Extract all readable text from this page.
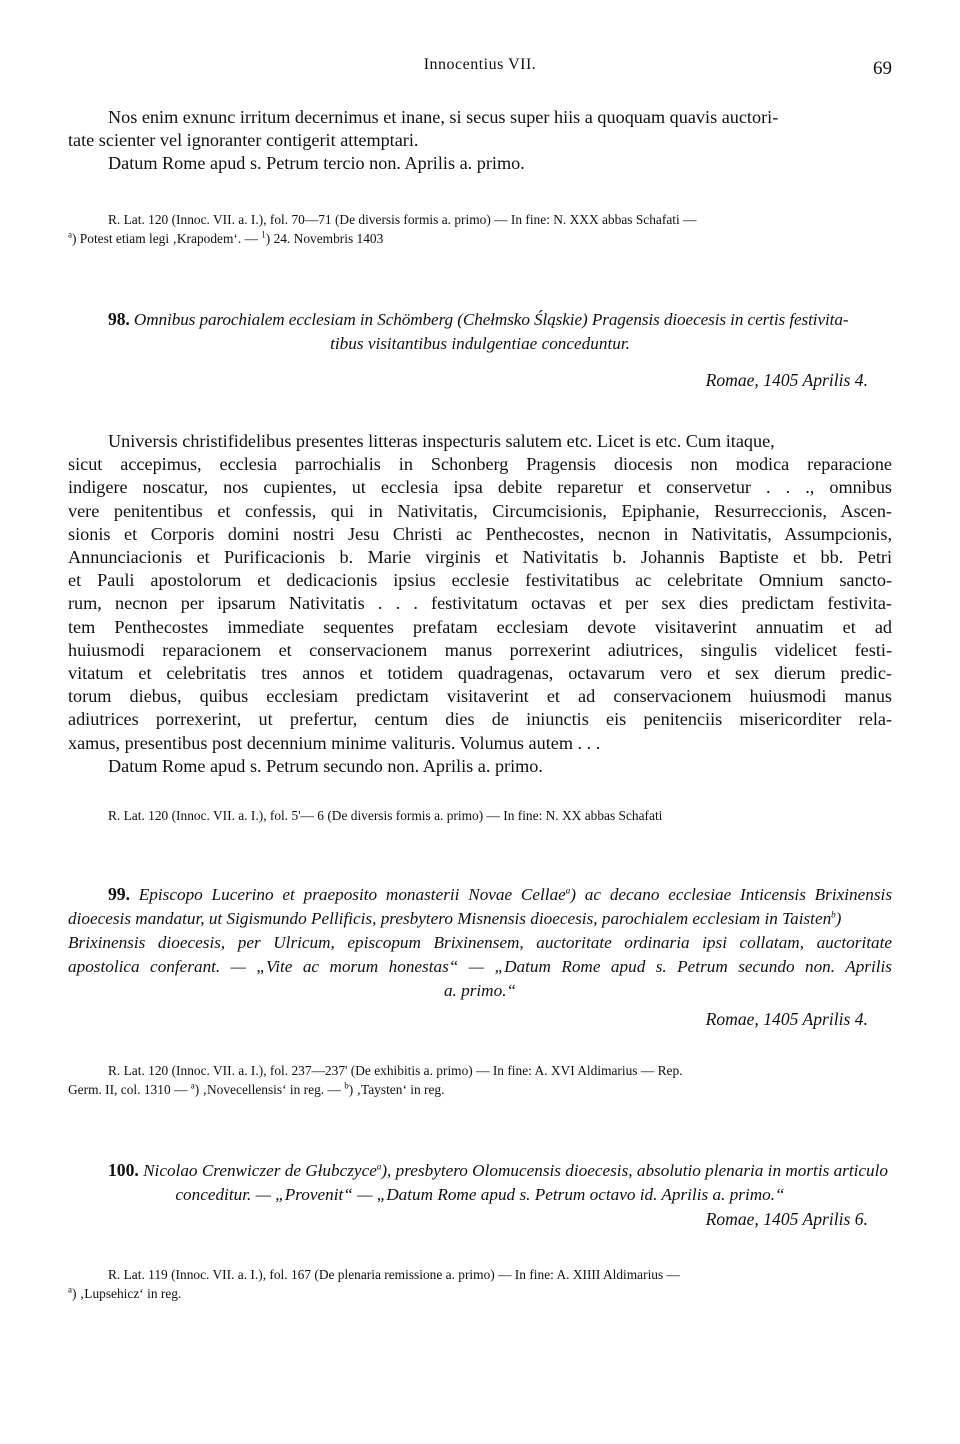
Innocentius VII.	69

Nos enim exnunc irritum decernimus et inane, si secus super hiis a quoquam quavis auctori-

tate scienter vel ignoranter contigerit attemptari.

Datum Rome apud s. Petrum tercio non. Aprilis a. primo.

R. Lat. 120 (Innoc. VII. a. I.), fol. 70—71 (De diversis formis a. primo) — In fine: N. XXX abbas Schafati —

$^a$) Potest etiam legi ‚Krapodem‘. — $^1$) 24. Novembris 1403

98. Omnibus parochialem ecclesiam in Schömberg (Chełmsko Śląskie) Pragensis dioecesis in certis festivita-

tibus visitantibus indulgentiae conceduntur.

Romae, 1405 Aprilis 4.

Universis christifidelibus presentes litteras inspecturis salutem etc. Licet is etc. Cum itaque,
sicut accepimus, ecclesia parrochialis in Schonberg Pragensis diocesis non modica reparacione
indigere noscatur, nos cupientes, ut ecclesia ipsa debite reparetur et conservetur . . ., omnibus
vere penitentibus et confessis, qui in Nativitatis, Circumcisionis, Epiphanie, Resurreccionis, Ascen-
sionis et Corporis domini nostri Jesu Christi ac Penthecostes, necnon in Nativitatis, Assumpcionis,
Annunciacionis et Purificacionis b. Marie virginis et Nativitatis b. Johannis Baptiste et bb. Petri
et Pauli apostolorum et dedicacionis ipsius ecclesie festivitatibus ac celebritate Omnium sancto-
rum, necnon per ipsarum Nativitatis . . . festivitatum octavas et per sex dies predictam festivita-
tem Penthecostes immediate sequentes prefatam ecclesiam devote visitaverint annuatim et ad
huiusmodi reparacionem et conservacionem manus porrexerint adiutrices, singulis videlicet festi-
vitatum et celebritatis tres annos et totidem quadragenas, octavarum vero et sex dierum predic-
torum diebus, quibus ecclesiam predictam visitaverint et ad conservacionem huiusmodi manus
adiutrices porrexerint, ut prefertur, centum dies de iniunctis eis penitenciis misericorditer rela-
xamus, presentibus post decennium minime valituris. Volumus autem . . .

Datum Rome apud s. Petrum secundo non. Aprilis a. primo.

R. Lat. 120 (Innoc. VII. a. I.), fol. 5'— 6 (De diversis formis a. primo) — In fine: N. XX abbas Schafati

99. Episcopo Lucerino et praeposito monasterii Novae Cellae$^a$) ac decano ecclesiae Inticensis Brixinensis
dioecesis mandatur, ut Sigismundo Pellificis, presbytero Misnensis dioecesis, parochialem ecclesiam in Taisten$^b$)
Brixinensis dioecesis, per Ulricum, episcopum Brixinensem, auctoritate ordinaria ipsi collatam, auctoritate
apostolica conferant. — „Vite ac morum honestas“ — „Datum Rome apud s. Petrum secundo non. Aprilis
a. primo.“

Romae, 1405 Aprilis 4.

R. Lat. 120 (Innoc. VII. a. I.), fol. 237—237' (De exhibitis a. primo) — In fine: A. XVI Aldimarius — Rep.

Germ. II, col. 1310 — $^a$) ‚Novecellensis‘ in reg. — $^b$) ‚Taysten‘ in reg.

100. Nicolao Crenwiczer de Głubczyce$^a$), presbytero Olomucensis dioecesis, absolutio plenaria in mortis articulo
conceditur. — „Provenit“ — „Datum Rome apud s. Petrum octavo id. Aprilis a. primo.“

Romae, 1405 Aprilis 6.

R. Lat. 119 (Innoc. VII. a. I.), fol. 167 (De plenaria remissione a. primo) — In fine: A. XIIII Aldimarius —

$^a$) ‚Lupsehicz‘ in reg.
